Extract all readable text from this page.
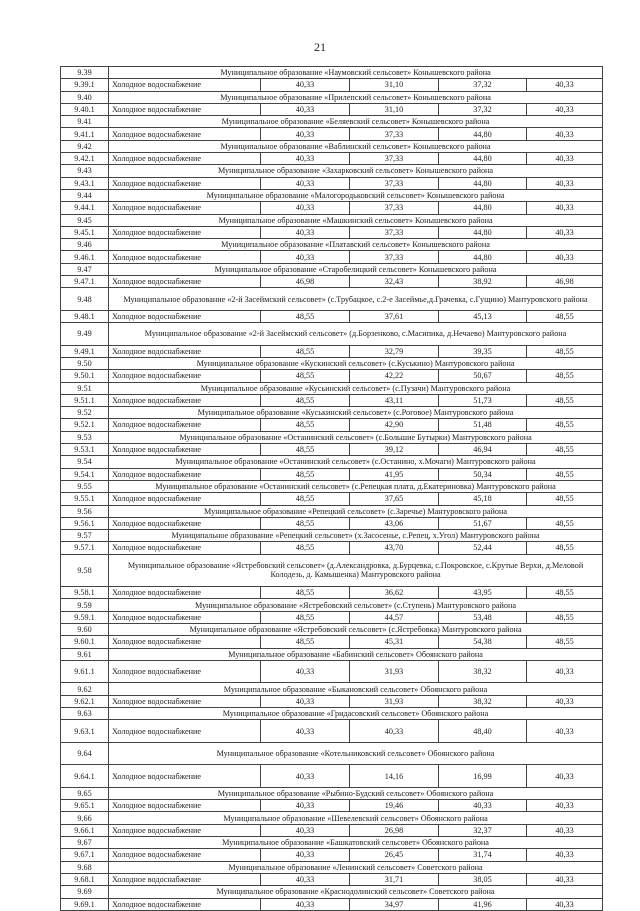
21
9.39	Муниципальное образование «Наумовский сельсовет» Конышевского района				
9.39.1	Холодное водоснабжение	40,33	31,10	37,32	40,33
9.40	Муниципальное образование «Прилепский сельсовет» Конышевского района				
9.40.1	Холодное водоснабжение	40,33	31,10	37,32	40,33
9.41	Муниципальное образование «Беляевский сельсовет» Конышевского района				
9.41.1	Холодное водоснабжение	40,33	37,33	44,80	40,33
9.42	Муниципальное образование «Ваблинский сельсовет» Конышевского района				
9.42.1	Холодное водоснабжение	40,33	37,33	44,80	40,33
9.43	Муниципальное образование «Захарковский сельсовет» Конышевского района				
9.43.1	Холодное водоснабжение	40,33	37,33	44,80	40,33
9.44	Муниципальное образование «Малогородьковский сельсовет» Конышевского района				
9.44.1	Холодное водоснабжение	40,33	37,33	44,80	40,33
9.45	Муниципальное образование «Машкинский сельсовет» Конышевского района				
9.45.1	Холодное водоснабжение	40,33	37,33	44,80	40,33
9.46	Муниципальное образование «Платавский сельсовет» Конышевского района				
9.46.1	Холодное водоснабжение	40,33	37,33	44,80	40,33
9.47	Муниципальное образование «Старобелицкий сельсовет» Конышевского района				
9.47.1	Холодное водоснабжение	46,98	32,43	38,92	46,98
9.48	Муниципальное образование «2-й Засеймский сельсовет» (с.Трубацкое, с.2-е Засеймье,д.Грачевка, с.Гущино) Мантуровского района				
9.48.1	Холодное водоснабжение	48,55	37,61	45,13	48,55
9.49	Муниципальное образование «2-й Засеймский сельсовет» (д.Борзенково, с.Масипика, д.Нечаево) Мантуровского района				
9.49.1	Холодное водоснабжение	48,55	32,79	39,35	48,55
9.50	Муниципальное образование «Кускинский сельсовет» (с.Куськино) Мантуровского района				
9.50.1	Холодное водоснабжение	48,55	42,22	50,67	48,55
9.51	Муниципальное образование «Кусьинский сельсовет» (с.Пузачи) Мантуровского района				
9.51.1	Холодное водоснабжение	48,55	43,11	51,73	48,55
9.52	Муниципальное образование «Куськинский сельсовет» (с.Роговое) Мантуровского района				
9.52.1	Холодное водоснабжение	48,55	42,90	51,48	48,55
9.53	Муниципальное образование «Останинский сельсовет» (с.Большие Бутырки) Мантуровского района				
9.53.1	Холодное водоснабжение	48,55	39,12	46,94	48,55
9.54	Муниципальное образование «Останинский сельсовет» (с.Останино, х.Мочаги) Мантуровского района				
9.54.1	Холодное водоснабжение	48,55	41,95	50,34	48,55
9.55	Муниципальное образование «Останинский сельсовет» (с.Репецкая плата, д.Екатериновка) Мантуровского района				
9.55.1	Холодное водоснабжение	48,55	37,65	45,18	48,55
9.56	Муниципальное образование «Репецкий сельсовет» (с.Заречье) Мантуровского района				
9.56.1	Холодное водоснабжение	48,55	43,06	51,67	48,55
9.57	Муниципальное образование «Репецкий сельсовет» (х.Засосенье, с.Репец, х.Угол) Мантуровского района				
9.57.1	Холодное водоснабжение	48,55	43,70	52,44	48,55
9.58	Муниципальное образование «Ястребовский сельсовет» (д.Александровка, д.Бурцевка, с.Покровское, с.Крутые Верхи, д.Меловой Колодезь, д. Камышенка) Мантуровского района				
9.58.1	Холодное водоснабжение	48,55	36,62	43,95	48,55
9.59	Муниципальное образование «Ястребовский сельсовет» (с.Ступень) Мантуровского района				
9.59.1	Холодное водоснабжение	48,55	44,57	53,48	48,55
9.60	Муниципальное образование «Ястребовский сельсовет» (с.Ястребовка) Мантуровского района				
9.60.1	Холодное водоснабжение	48,55	45,31	54,38	48,55
9.61	Муниципальное образование «Бабинский сельсовет» Обоянского района				
9.61.1	Холодное водоснабжение	40,33	31,93	38,32	40,33
9.62	Муниципальное образование «Быкановский сельсовет» Обоянского района				
9.62.1	Холодное водоснабжение	40,33	31,93	38,32	40,33
9.63	Муниципальное образование «Гридасовский сельсовет» Обоянского района				
9.63.1	Холодное водоснабжение	40,33	40,33	48,40	40,33
9.64	Муниципальное образование «Котельниковский сельсовет» Обоянского района				
9.64.1	Холодное водоснабжение	40,33	14,16	16,99	40,33
9.65	Муниципальное образование «Рыбино-Будский сельсовет» Обоянского района				
9.65.1	Холодное водоснабжение	40,33	19,46	40,33	40,33
9.66	Муниципальное образование «Шевелевский сельсовет» Обоянского района				
9.66.1	Холодное водоснабжение	40,33	26,98	32,37	40,33
9.67	Муниципальное образование «Башкатовский сельсовет» Обоянского района				
9.67.1	Холодное водоснабжение	40,33	26,45	31,74	40,33
9.68	Муниципальное образование «Ленинский сельсовет» Советского района				
9.68.1	Холодное водоснабжение	40,33	31,71	38,05	40,33
9.69	Муниципальное образование «Краснодолинский сельсовет» Советского района				
9.69.1	Холодное водоснабжение	40,33	34,97	41,96	40,33
